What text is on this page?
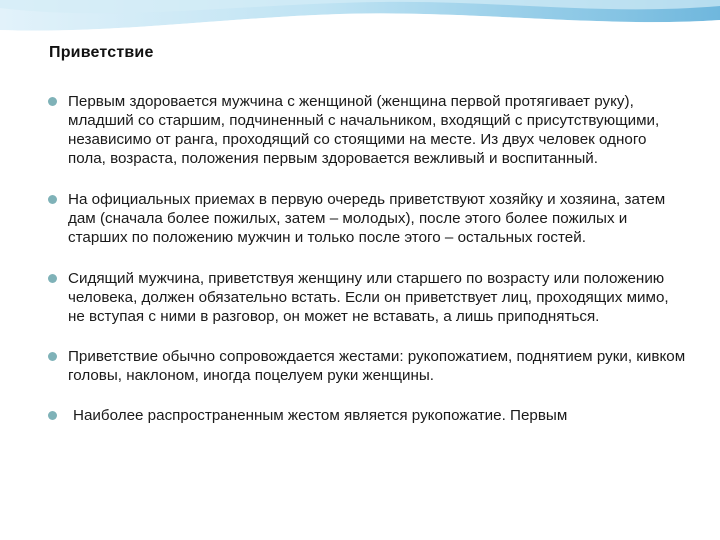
Приветствие
Первым здоровается мужчина с женщиной (женщина первой протягивает руку), младший со старшим, подчиненный с начальником, входящий с присутствующими, независимо от ранга, проходящий со стоящими на месте. Из двух человек одного пола, возраста, положения первым здоровается вежливый и воспитанный.
На официальных приемах в первую очередь приветствуют хозяйку и хозяина, затем дам (сначала более пожилых, затем – молодых), после этого более пожилых и старших по положению мужчин и только после этого – остальных гостей.
Сидящий мужчина, приветствуя женщину или старшего по возрасту или положению человека, должен обязательно встать. Если он приветствует лиц, проходящих мимо, не вступая с ними в разговор, он может не вставать, а лишь приподняться.
Приветствие обычно сопровождается жестами: рукопожатием, поднятием руки, кивком головы, наклоном, иногда поцелуем руки женщины.
Наиболее распространенным жестом является рукопожатие. Первым
